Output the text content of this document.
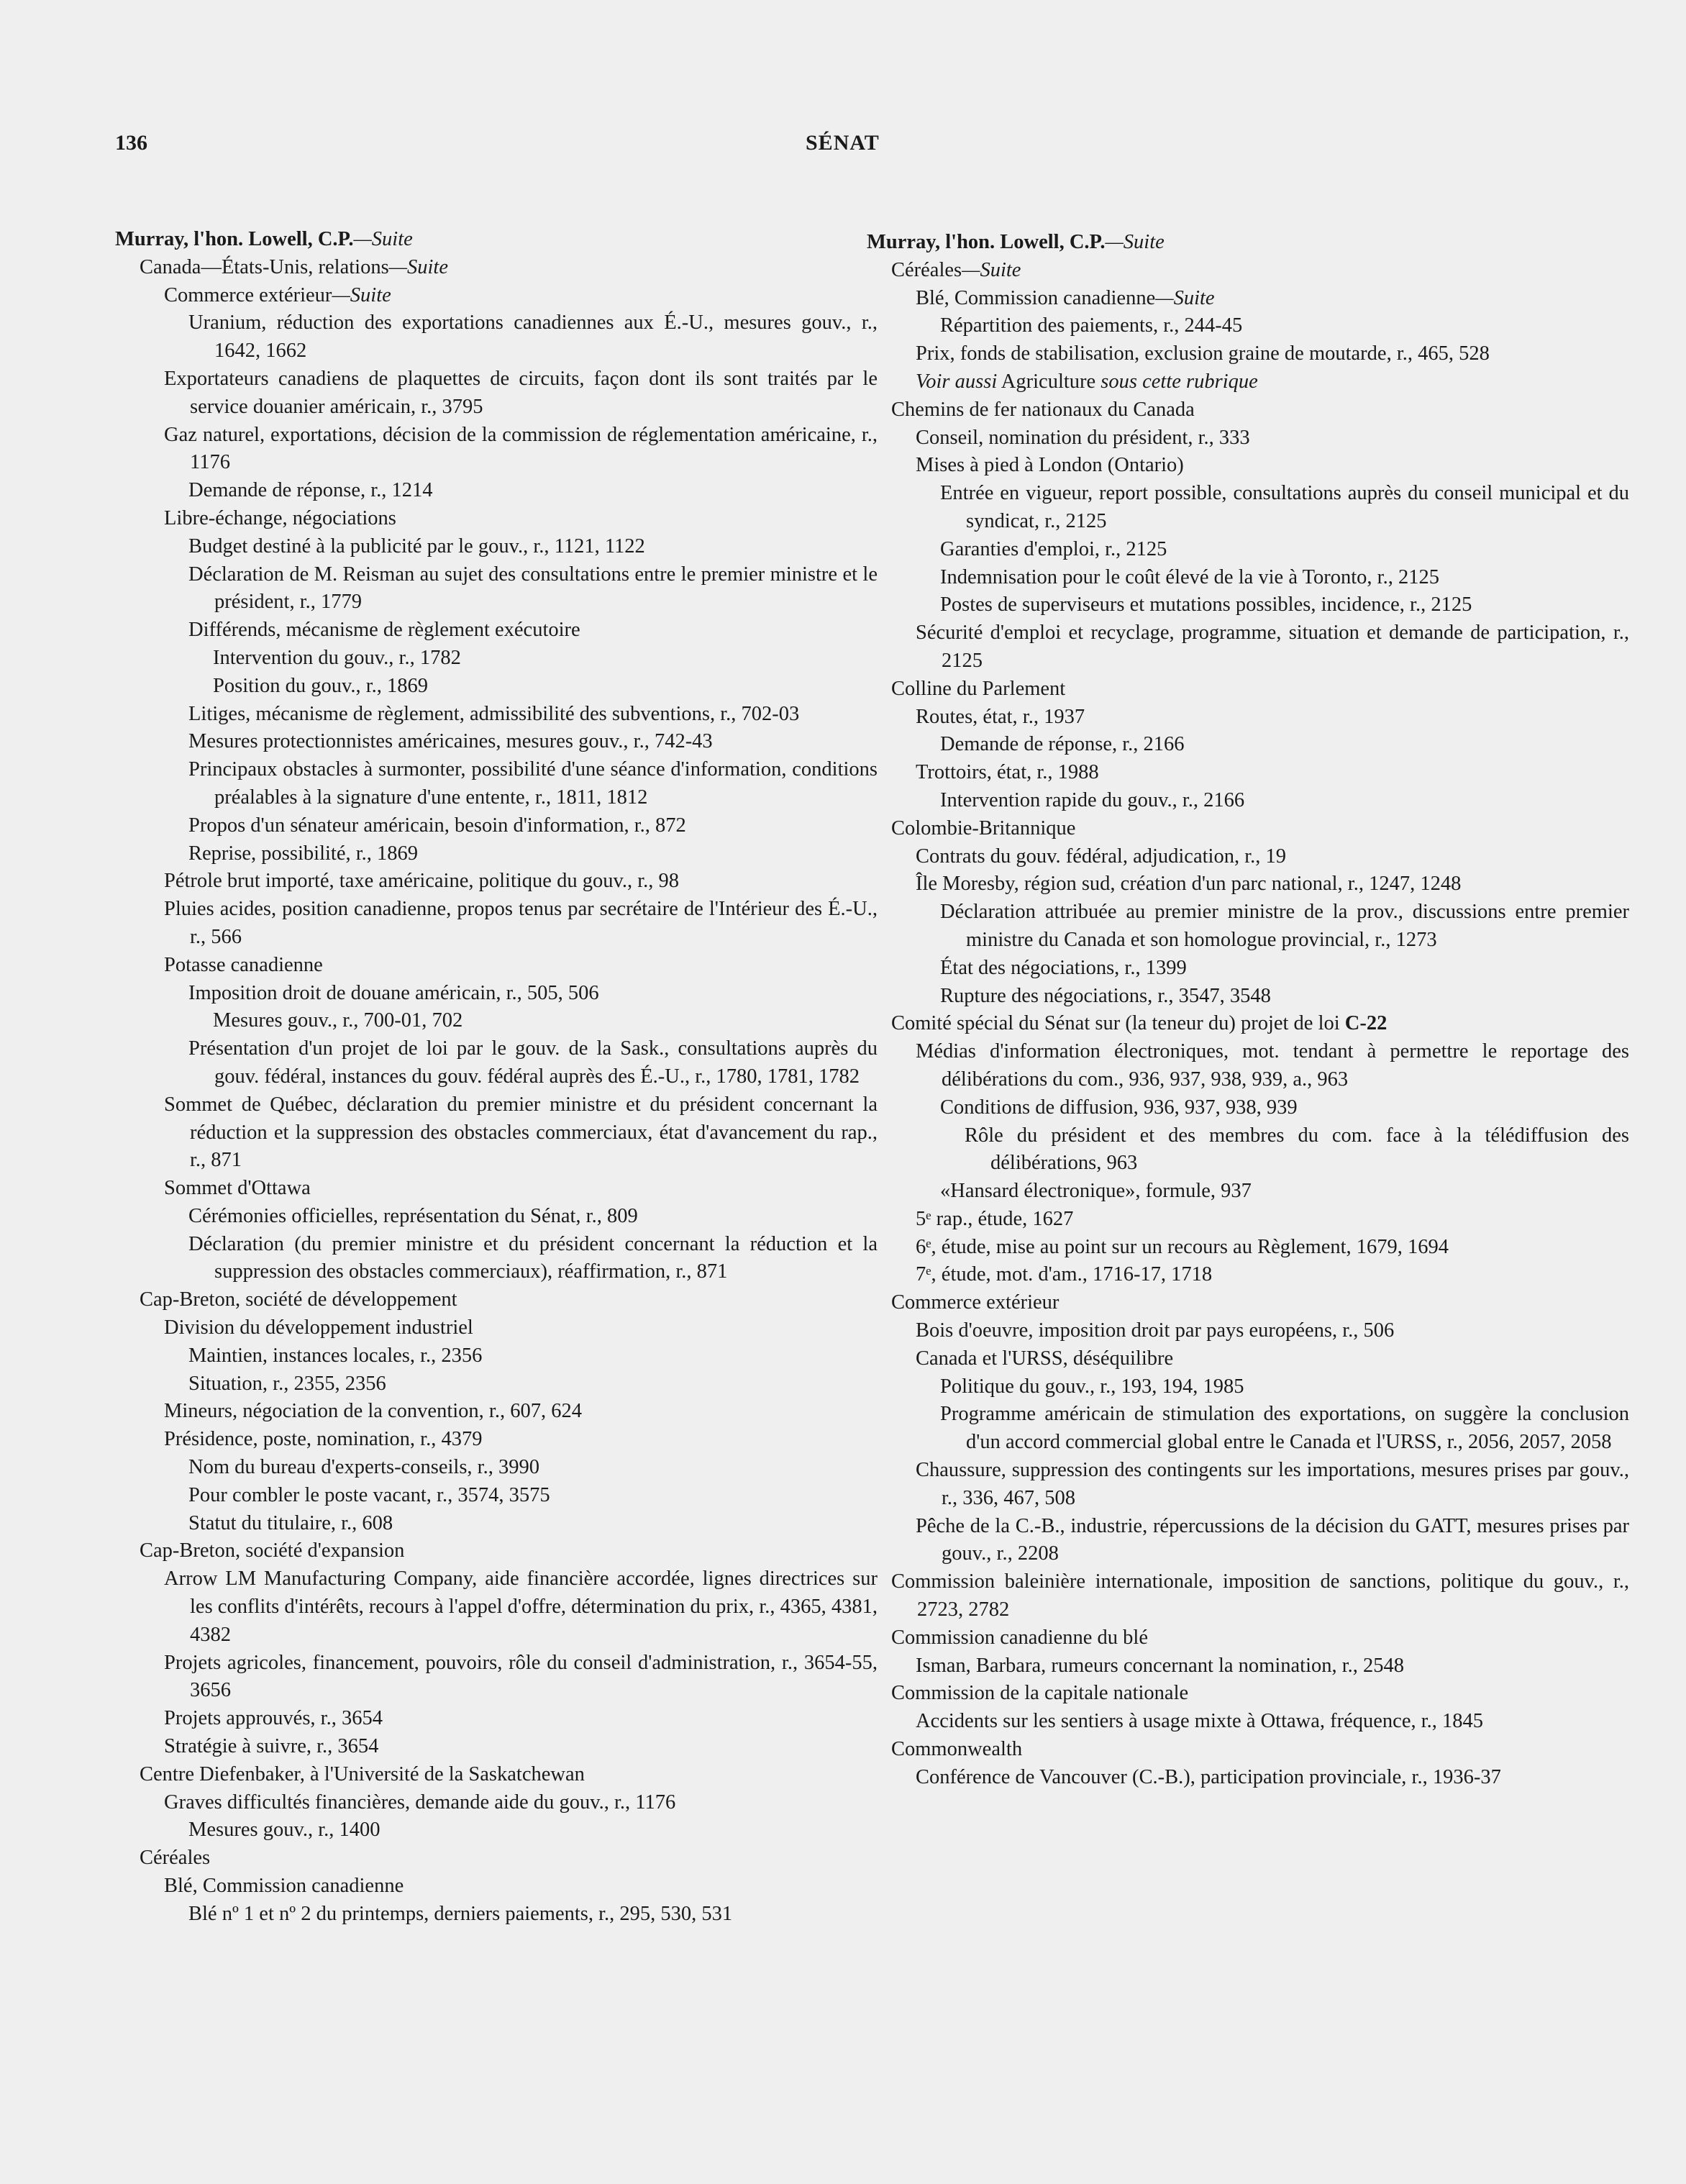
136	SÉNAT
Murray, l'hon. Lowell, C.P.—Suite
Canada—États-Unis, relations—Suite
Commerce extérieur—Suite
Uranium, réduction des exportations canadiennes aux É.-U., mesures gouv., r., 1642, 1662
Exportateurs canadiens de plaquettes de circuits, façon dont ils sont traités par le service douanier américain, r., 3795
Gaz naturel, exportations, décision de la commission de réglementation américaine, r., 1176
Demande de réponse, r., 1214
Libre-échange, négociations
Budget destiné à la publicité par le gouv., r., 1121, 1122
Déclaration de M. Reisman au sujet des consultations entre le premier ministre et le président, r., 1779
Différends, mécanisme de règlement exécutoire
Intervention du gouv., r., 1782
Position du gouv., r., 1869
Litiges, mécanisme de règlement, admissibilité des subventions, r., 702-03
Mesures protectionnistes américaines, mesures gouv., r., 742-43
Principaux obstacles à surmonter, possibilité d'une séance d'information, conditions préalables à la signature d'une entente, r., 1811, 1812
Propos d'un sénateur américain, besoin d'information, r., 872
Reprise, possibilité, r., 1869
Pétrole brut importé, taxe américaine, politique du gouv., r., 98
Pluies acides, position canadienne, propos tenus par secrétaire de l'Intérieur des É.-U., r., 566
Potasse canadienne
Imposition droit de douane américain, r., 505, 506
Mesures gouv., r., 700-01, 702
Présentation d'un projet de loi par le gouv. de la Sask., consultations auprès du gouv. fédéral, instances du gouv. fédéral auprès des É.-U., r., 1780, 1781, 1782
Sommet de Québec, déclaration du premier ministre et du président concernant la réduction et la suppression des obstacles commerciaux, état d'avancement du rap., r., 871
Sommet d'Ottawa
Cérémonies officielles, représentation du Sénat, r., 809
Déclaration (du premier ministre et du président concernant la réduction et la suppression des obstacles commerciaux), réaffirmation, r., 871
Cap-Breton, société de développement
Division du développement industriel
Maintien, instances locales, r., 2356
Situation, r., 2355, 2356
Mineurs, négociation de la convention, r., 607, 624
Présidence, poste, nomination, r., 4379
Nom du bureau d'experts-conseils, r., 3990
Pour combler le poste vacant, r., 3574, 3575
Statut du titulaire, r., 608
Cap-Breton, société d'expansion
Arrow LM Manufacturing Company, aide financière accordée, lignes directrices sur les conflits d'intérêts, recours à l'appel d'offre, détermination du prix, r., 4365, 4381, 4382
Projets agricoles, financement, pouvoirs, rôle du conseil d'administration, r., 3654-55, 3656
Projets approuvés, r., 3654
Stratégie à suivre, r., 3654
Centre Diefenbaker, à l'Université de la Saskatchewan
Graves difficultés financières, demande aide du gouv., r., 1176
Mesures gouv., r., 1400
Céréales
Blé, Commission canadienne
Blé nº 1 et nº 2 du printemps, derniers paiements, r., 295, 530, 531
Murray, l'hon. Lowell, C.P.—Suite
Céréales—Suite
Blé, Commission canadienne—Suite
Répartition des paiements, r., 244-45
Prix, fonds de stabilisation, exclusion graine de moutarde, r., 465, 528
Voir aussi Agriculture sous cette rubrique
Chemins de fer nationaux du Canada
Conseil, nomination du président, r., 333
Mises à pied à London (Ontario)
Entrée en vigueur, report possible, consultations auprès du conseil municipal et du syndicat, r., 2125
Garanties d'emploi, r., 2125
Indemnisation pour le coût élevé de la vie à Toronto, r., 2125
Postes de superviseurs et mutations possibles, incidence, r., 2125
Sécurité d'emploi et recyclage, programme, situation et demande de participation, r., 2125
Colline du Parlement
Routes, état, r., 1937
Demande de réponse, r., 2166
Trottoirs, état, r., 1988
Intervention rapide du gouv., r., 2166
Colombie-Britannique
Contrats du gouv. fédéral, adjudication, r., 19
Île Moresby, région sud, création d'un parc national, r., 1247, 1248
Déclaration attribuée au premier ministre de la prov., discussions entre premier ministre du Canada et son homologue provincial, r., 1273
État des négociations, r., 1399
Rupture des négociations, r., 3547, 3548
Comité spécial du Sénat sur (la teneur du) projet de loi C-22
Médias d'information électroniques, mot. tendant à permettre le reportage des délibérations du com., 936, 937, 938, 939, a., 963
Conditions de diffusion, 936, 937, 938, 939
Rôle du président et des membres du com. face à la télédiffusion des délibérations, 963
«Hansard électronique», formule, 937
5ᵉ rap., étude, 1627
6ᵉ, étude, mise au point sur un recours au Règlement, 1679, 1694
7ᵉ, étude, mot. d'am., 1716-17, 1718
Commerce extérieur
Bois d'oeuvre, imposition droit par pays européens, r., 506
Canada et l'URSS, déséquilibre
Politique du gouv., r., 193, 194, 1985
Programme américain de stimulation des exportations, on suggère la conclusion d'un accord commercial global entre le Canada et l'URSS, r., 2056, 2057, 2058
Chaussure, suppression des contingents sur les importations, mesures prises par gouv., r., 336, 467, 508
Pêche de la C.-B., industrie, répercussions de la décision du GATT, mesures prises par gouv., r., 2208
Commission baleinière internationale, imposition de sanctions, politique du gouv., r., 2723, 2782
Commission canadienne du blé
Isman, Barbara, rumeurs concernant la nomination, r., 2548
Commission de la capitale nationale
Accidents sur les sentiers à usage mixte à Ottawa, fréquence, r., 1845
Commonwealth
Conférence de Vancouver (C.-B.), participation provinciale, r., 1936-37
